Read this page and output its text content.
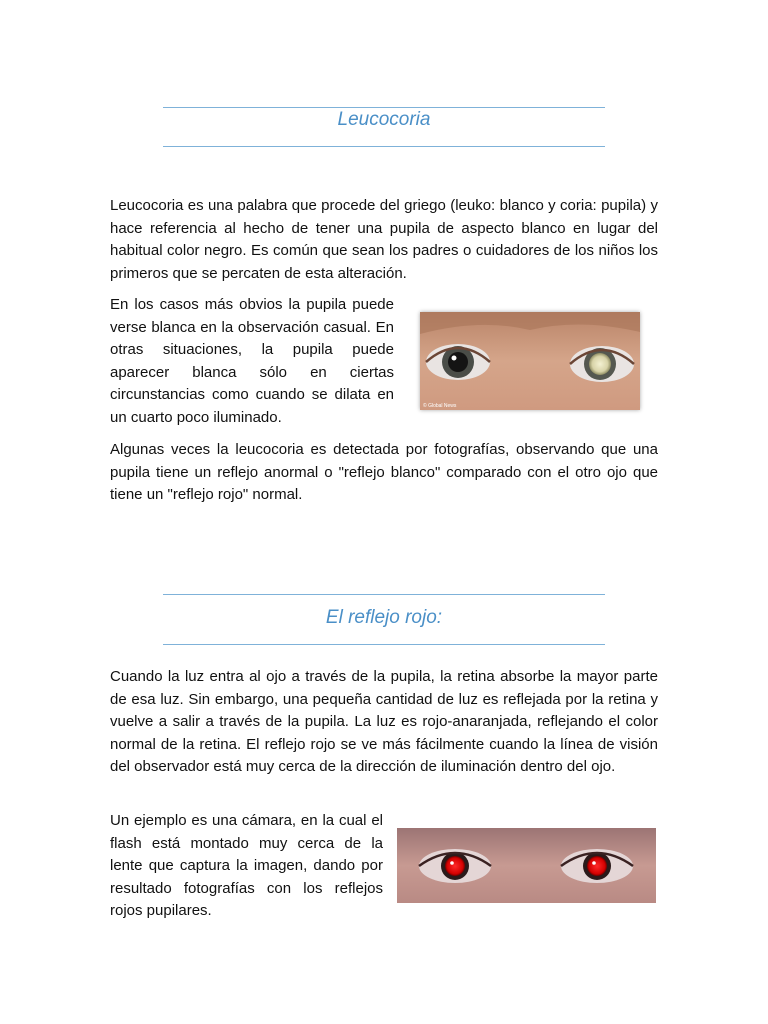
Leucocoria

Leucocoria es una palabra que procede del griego (leuko: blanco y coria: pupila) y hace referencia al hecho de tener una pupila de aspecto blanco en lugar del habitual color negro. Es común que sean los padres o cuidadores de los niños los primeros que se percaten de esta alteración.

En los casos más obvios la pupila puede verse blanca en la observación casual. En otras situaciones, la pupila puede aparecer blanca sólo en ciertas circunstancias como cuando se dilata en un cuarto poco iluminado.

© Global News

Algunas veces la leucocoria es detectada por fotografías, observando que una pupila tiene un reflejo anormal o "reflejo blanco" comparado con el otro ojo que tiene un "reflejo rojo" normal.

El reflejo rojo:

Cuando la luz entra al ojo a través de la pupila, la retina absorbe la mayor parte de esa luz. Sin embargo, una pequeña cantidad de luz es reflejada por la retina y vuelve a salir a través de la pupila. La luz es rojo-anaranjada, reflejando el color normal de la retina. El reflejo rojo se ve más fácilmente cuando la línea de visión del observador está muy cerca de la dirección de iluminación dentro del ojo.

Un ejemplo es una cámara, en la cual el flash está montado muy cerca de la lente que captura la imagen, dando por resultado fotografías con los reflejos rojos pupilares.
